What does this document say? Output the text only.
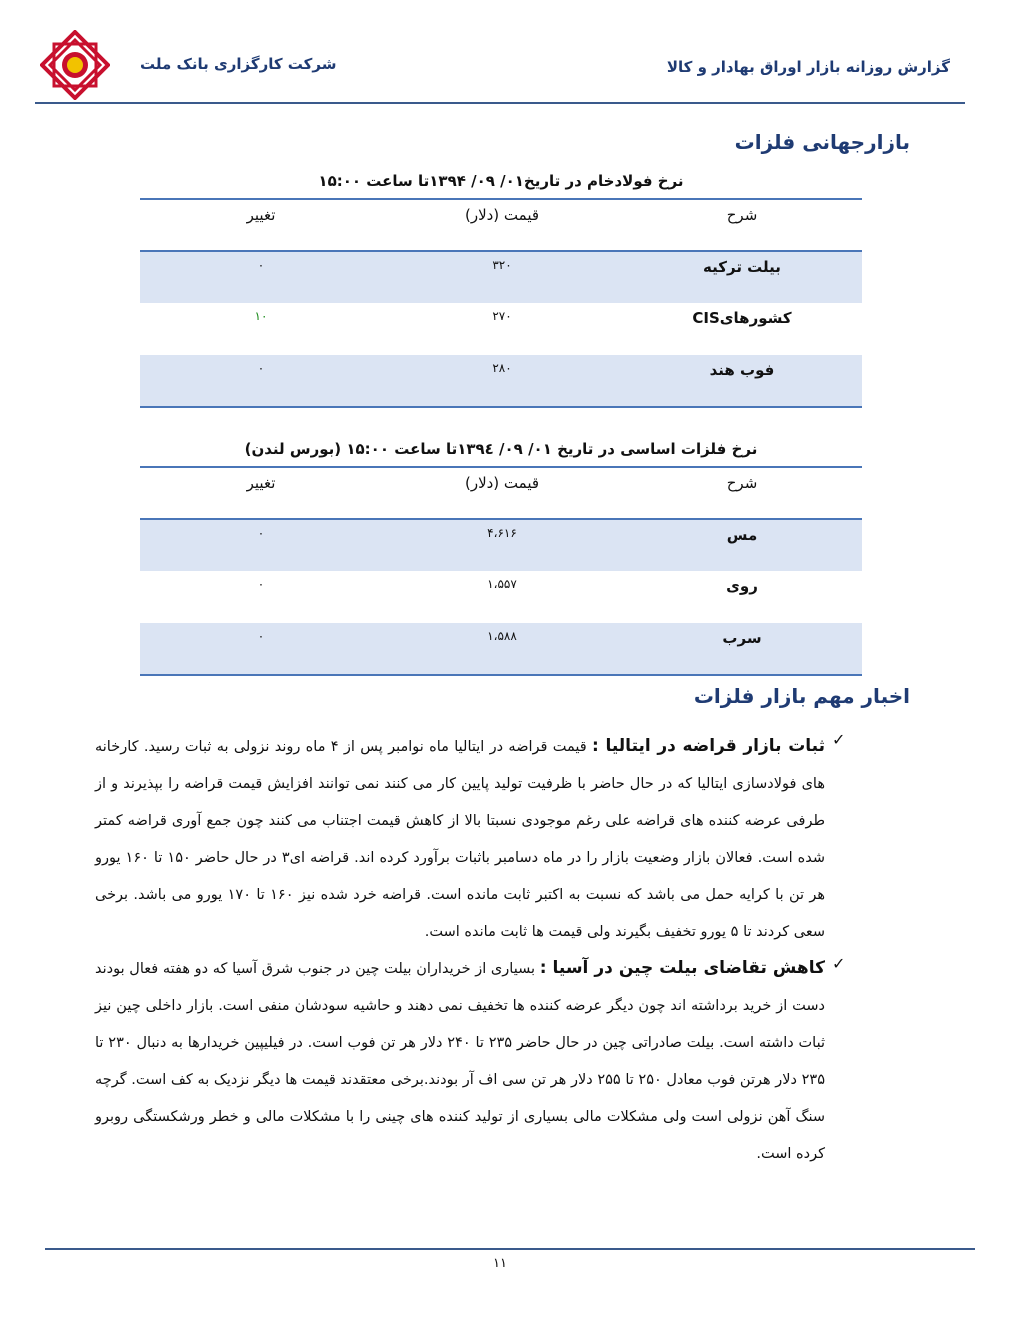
شرکت کارگزاری بانک ملت	گزارش روزانه بازار اوراق بهادار و کالا
بازارجهانی فلزات
نرخ فولادخام در تاریخ۰۱/ ۰۹/ ۱۳۹۴تا ساعت ۱۵:۰۰
شرح	قیمت (دلار)	تغییر
بیلت ترکیه	۳۲۰	۰
کشورهایCIS	۲۷۰	۱۰
فوب هند	۲۸۰	۰
نرخ فلزات اساسی در تاریخ ۰۱/ ۰۹/ ۱۳۹٤تا ساعت ۱۵:۰۰ (بورس لندن)
شرح	قیمت (دلار)	تغییر
مس	۴،۶۱۶	۰
روی	۱،۵۵۷	۰
سرب	۱،۵۸۸	۰
اخبار مهم بازار فلزات
✓
ثبات بازار قراضه در ایتالیا : قیمت قراضه در ایتالیا ماه نوامبر پس از ۴ ماه روند نزولی به ثبات رسید. کارخانه های فولادسازی ایتالیا که در حال حاضر با ظرفیت تولید پایین کار می کنند نمی توانند افزایش قیمت قراضه را بپذیرند و از طرفی عرضه کننده های قراضه علی رغم موجودی نسبتا بالا از کاهش قیمت اجتناب می کنند چون جمع آوری قراضه کمتر شده است. فعالان بازار وضعیت بازار را در ماه دسامبر باثبات برآورد کرده اند. قراضه ای۳ در حال حاضر ۱۵۰ تا ۱۶۰ یورو هر تن با کرایه حمل می باشد که نسبت به اکتبر ثابت مانده است. قراضه خرد شده نیز ۱۶۰ تا ۱۷۰ یورو می باشد. برخی سعی کردند تا ۵ یورو تخفیف بگیرند ولی قیمت ها ثابت مانده است.
✓
کاهش تقاضای بیلت چین در آسیا : بسیاری از خریداران بیلت چین در جنوب شرق آسیا که دو هفته فعال بودند دست از خرید برداشته اند چون دیگر عرضه کننده ها تخفیف نمی دهند و حاشیه سودشان منفی است. بازار داخلی چین نیز ثبات داشته است. بیلت صادراتی چین در حال حاضر ۲۳۵ تا ۲۴۰ دلار هر تن فوب است. در فیلیپین خریدارها به دنبال ۲۳۰ تا ۲۳۵ دلار هرتن فوب معادل ۲۵۰ تا ۲۵۵ دلار هر تن سی اف آر بودند.برخی معتقدند قیمت ها دیگر نزدیک به کف است. گرچه سنگ آهن نزولی است ولی مشکلات مالی بسیاری از تولید کننده های چینی را با مشکلات مالی و خطر ورشکستگی روبرو کرده است.
۱۱
